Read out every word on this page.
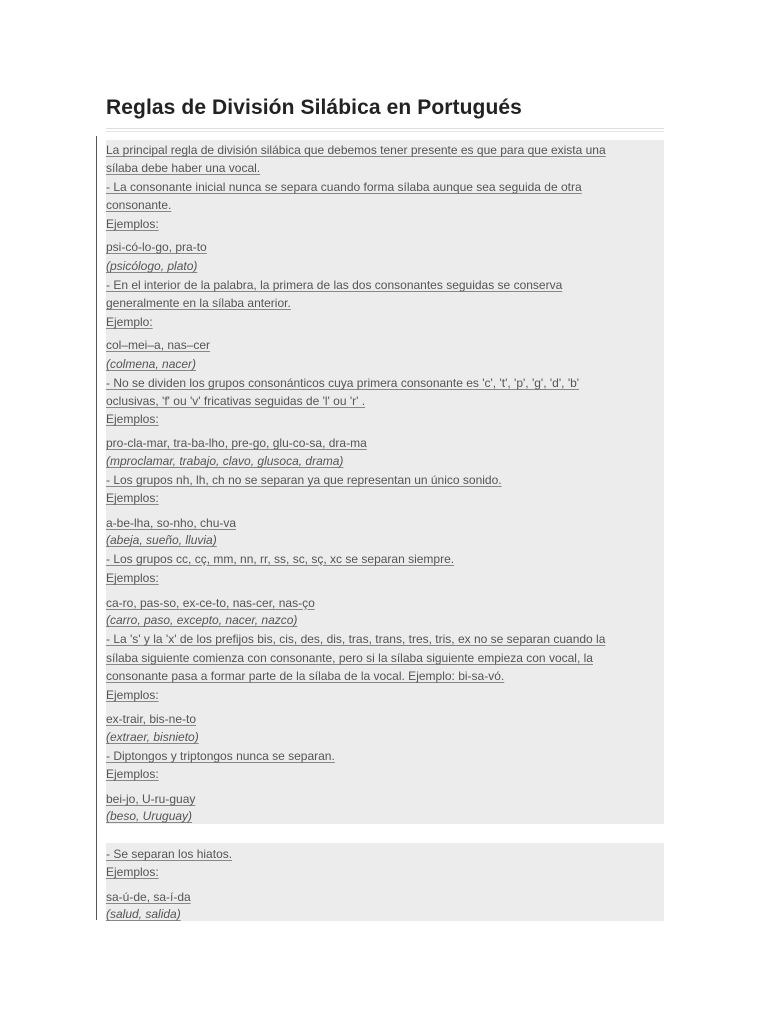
Reglas de División Silábica en Portugués
La principal regla de división silábica que debemos tener presente es que para que exista una
sílaba debe haber una vocal.
- La consonante inicial nunca se separa cuando forma sílaba aunque sea seguida de otra
consonante.
Ejemplos:
psi-có-lo-go, pra-to
(psicólogo, plato)
- En el interior de la palabra, la primera de las dos consonantes seguidas se conserva
generalmente en la sílaba anterior.
Ejemplo:
col–mei–a, nas–cer
(colmena, nacer)
- No se dividen los grupos consonánticos cuya primera consonante es 'c', 't', 'p', 'g', 'd', 'b'
oclusivas, 'f' ou 'v' fricativas seguidas de 'l' ou 'r' .
Ejemplos:
pro-cla-mar, tra-ba-lho, pre-go, glu-co-sa, dra-ma
(mproclamar, trabajo, clavo, glusoca, drama)
- Los grupos nh, lh, ch no se separan ya que representan un único sonido.
Ejemplos:
a-be-lha, so-nho, chu-va
(abeja, sueño, lluvia)
- Los grupos cc, cç, mm, nn, rr, ss, sc, sç, xc se separan siempre.
Ejemplos:
ca-ro, pas-so, ex-ce-to, nas-cer, nas-ço
(carro, paso, excepto, nacer, nazco)
- La 's' y la 'x' de los prefijos bis, cis, des, dis, tras, trans, tres, tris, ex no se separan cuando la
sílaba siguiente comienza con consonante, pero si la sílaba siguiente empieza con vocal, la
consonante pasa a formar parte de la sílaba de la vocal. Ejemplo: bi-sa-vó.
Ejemplos:
ex-trair, bis-ne-to
(extraer, bisnieto)
- Diptongos y triptongos nunca se separan.
Ejemplos:
bei-jo, U-ru-guay
(beso, Uruguay)
- Se separan los hiatos.
Ejemplos:
sa-ú-de, sa-í-da
(salud, salida)
